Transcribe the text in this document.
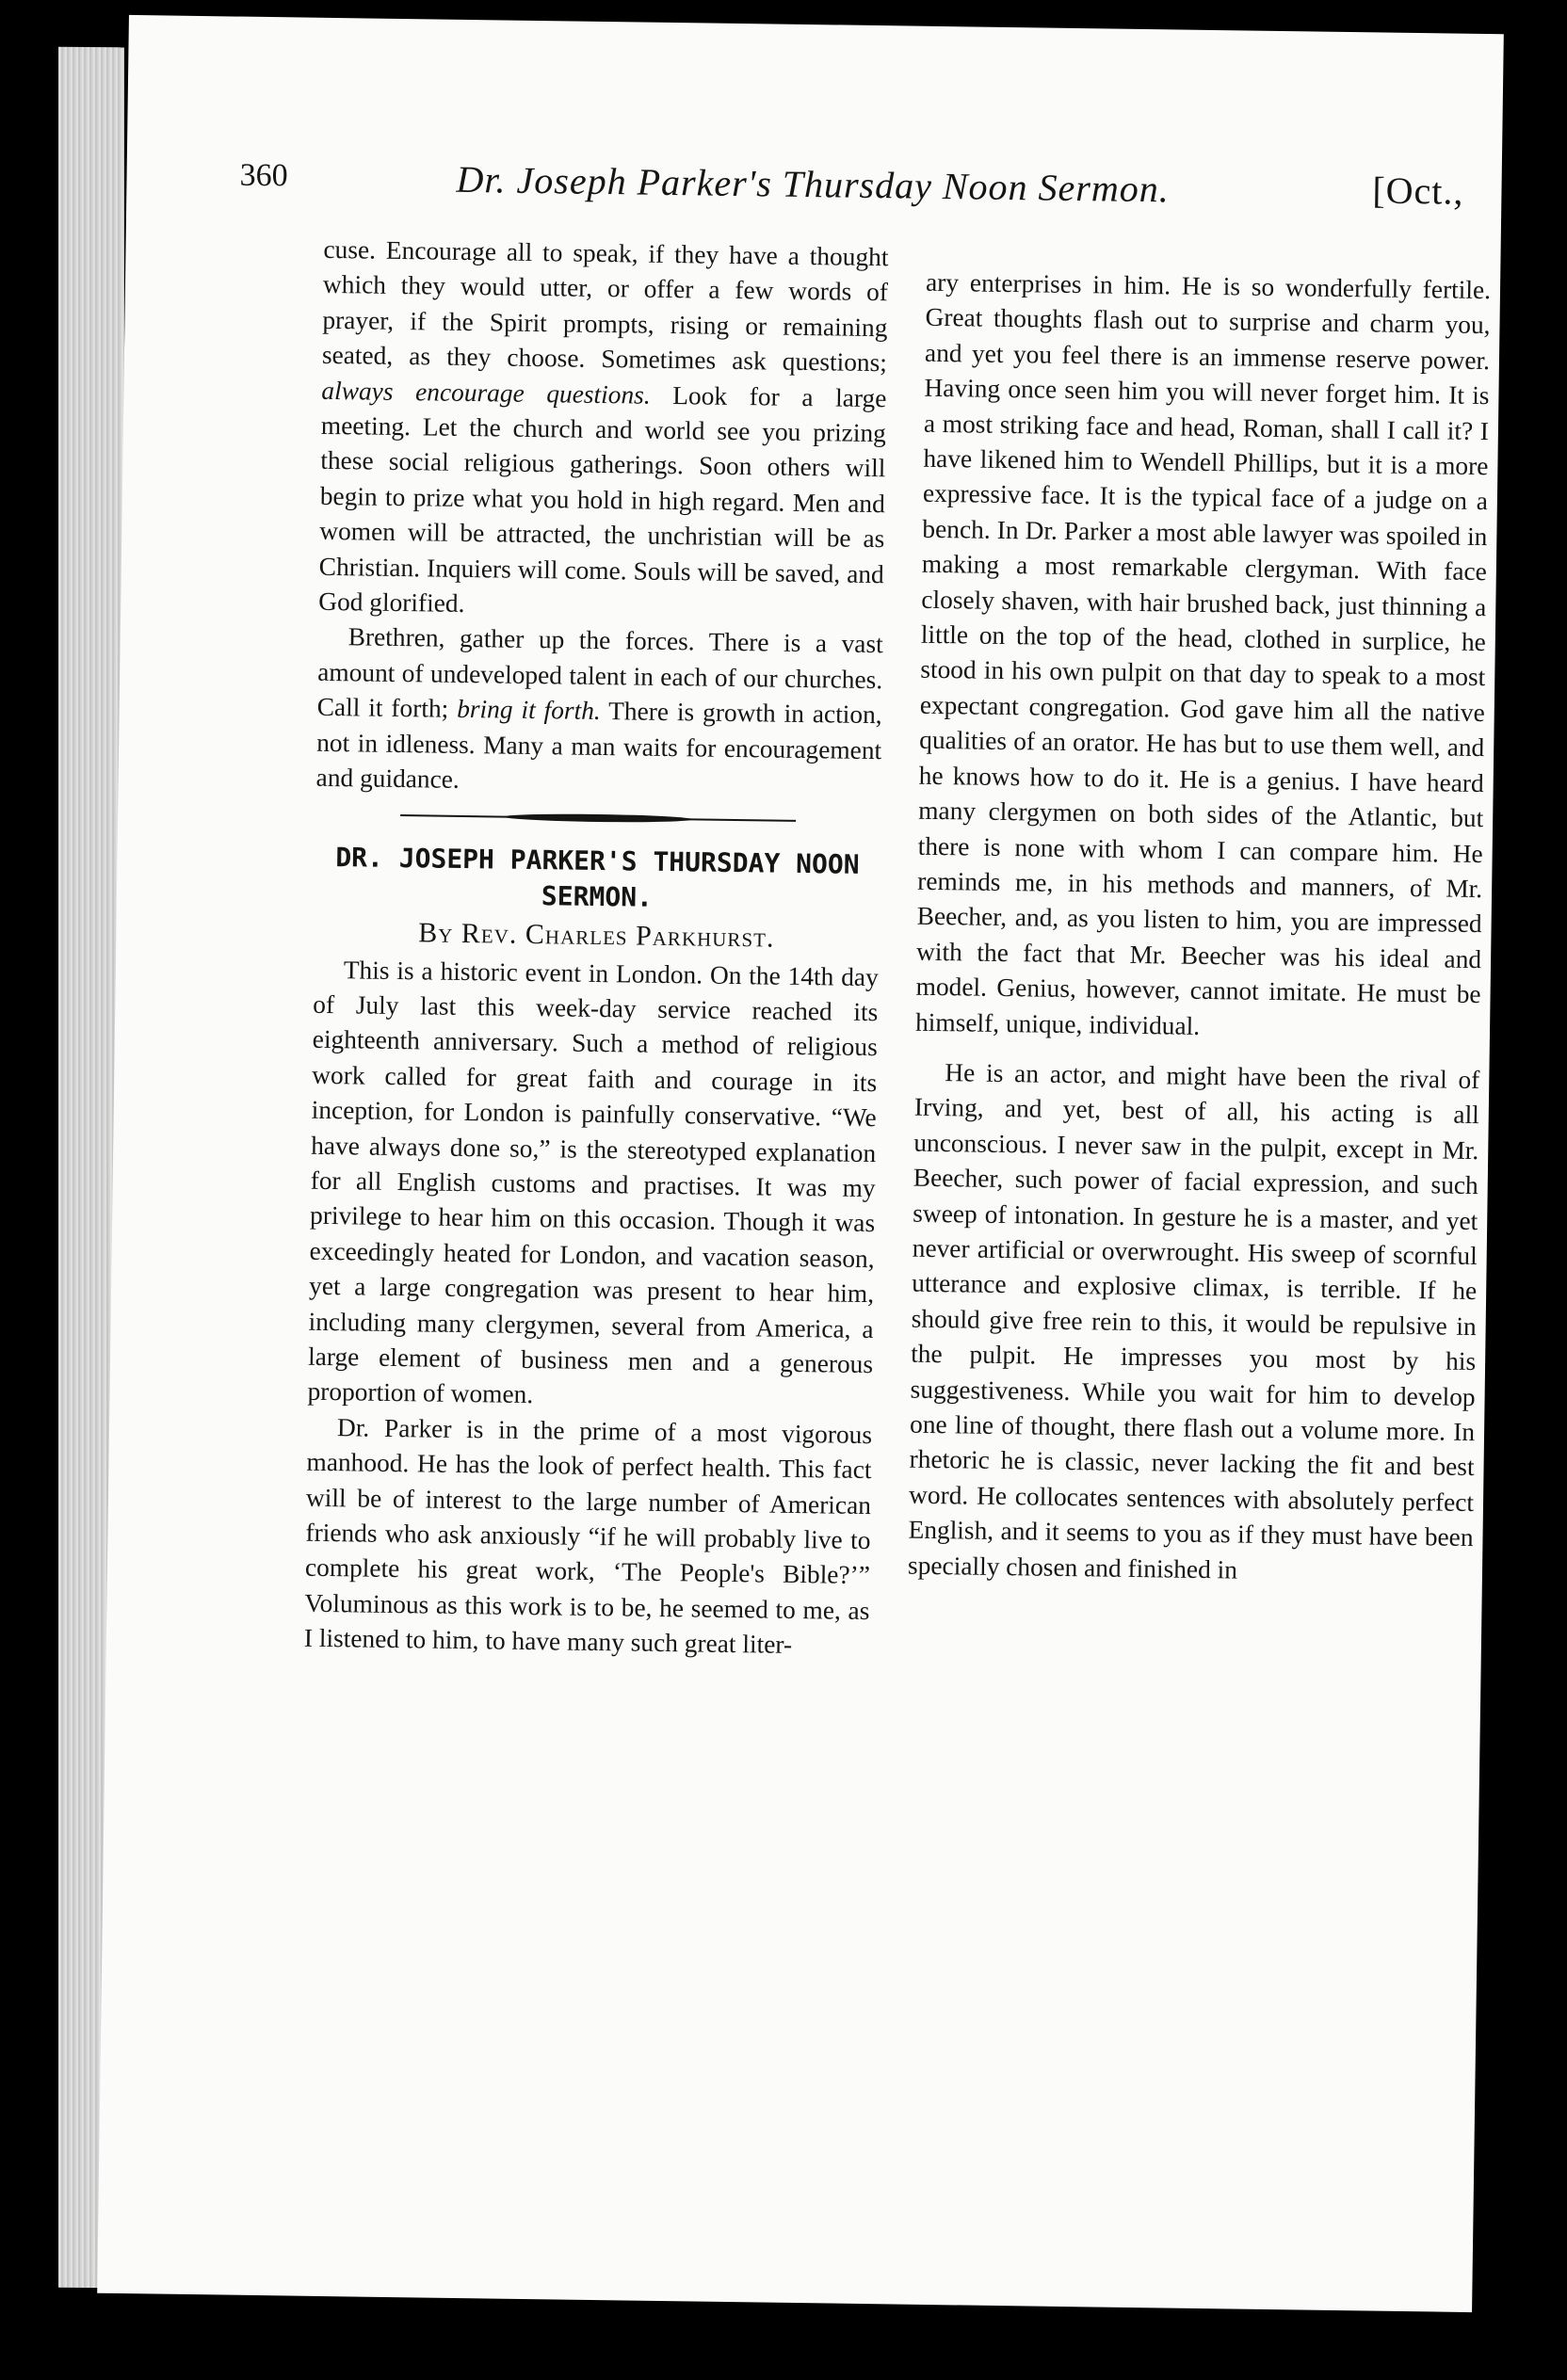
360	Dr. Joseph Parker's Thursday Noon Sermon.	[Oct.,

cuse. Encourage all to speak, if they have a thought which they would utter, or offer a few words of prayer, if the Spirit prompts, rising or remaining seated, as they choose. Sometimes ask questions; always encourage questions. Look for a large meeting. Let the church and world see you prizing these social religious gatherings. Soon others will begin to prize what you hold in high regard. Men and women will be attracted, the unchristian will be as Christian. Inquiers will come. Souls will be saved, and God glorified.

Brethren, gather up the forces. There is a vast amount of undeveloped talent in each of our churches. Call it forth; bring it forth. There is growth in action, not in idleness. Many a man waits for encouragement and guidance.

DR. JOSEPH PARKER'S THURSDAY NOON SERMON.

By Rev. Charles Parkhurst.

This is a historic event in London. On the 14th day of July last this week-day service reached its eighteenth anniversary. Such a method of religious work called for great faith and courage in its inception, for London is painfully conservative. “We have always done so,” is the stereotyped explanation for all English customs and practises. It was my privilege to hear him on this occasion. Though it was exceedingly heated for London, and vacation season, yet a large congregation was present to hear him, including many clergymen, several from America, a large element of business men and a generous proportion of women.

Dr. Parker is in the prime of a most vigorous manhood. He has the look of perfect health. This fact will be of interest to the large number of American friends who ask anxiously “if he will probably live to complete his great work, ‘The People's Bible?’” Voluminous as this work is to be, he seemed to me, as I listened to him, to have many such great liter-

ary enterprises in him. He is so wonderfully fertile. Great thoughts flash out to surprise and charm you, and yet you feel there is an immense reserve power. Having once seen him you will never forget him. It is a most striking face and head, Roman, shall I call it? I have likened him to Wendell Phillips, but it is a more expressive face. It is the typical face of a judge on a bench. In Dr. Parker a most able lawyer was spoiled in making a most remarkable clergyman. With face closely shaven, with hair brushed back, just thinning a little on the top of the head, clothed in surplice, he stood in his own pulpit on that day to speak to a most expectant congregation. God gave him all the native qualities of an orator. He has but to use them well, and he knows how to do it. He is a genius. I have heard many clergymen on both sides of the Atlantic, but there is none with whom I can compare him. He reminds me, in his methods and manners, of Mr. Beecher, and, as you listen to him, you are impressed with the fact that Mr. Beecher was his ideal and model. Genius, however, cannot imitate. He must be himself, unique, individual.

He is an actor, and might have been the rival of Irving, and yet, best of all, his acting is all unconscious. I never saw in the pulpit, except in Mr. Beecher, such power of facial expression, and such sweep of intonation. In gesture he is a master, and yet never artificial or overwrought. His sweep of scornful utterance and explosive climax, is terrible. If he should give free rein to this, it would be repulsive in the pulpit. He impresses you most by his suggestiveness. While you wait for him to develop one line of thought, there flash out a volume more. In rhetoric he is classic, never lacking the fit and best word. He collocates sentences with absolutely perfect English, and it seems to you as if they must have been specially chosen and finished in
